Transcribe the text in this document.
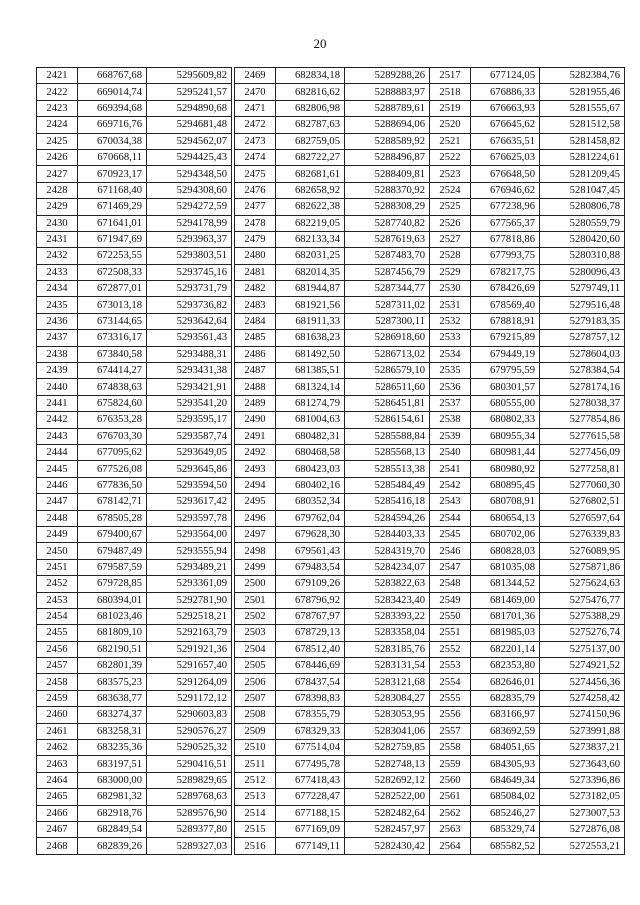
20
2421	668767,68	5295609,82
2422	669014,74	5295241,57
2423	669394,68	5294890,68
2424	669716,76	5294681,48
2425	670034,38	5294562,07
2426	670668,11	5294425,43
2427	670923,17	5294348,50
2428	671168,40	5294308,60
2429	671469,29	5294272,59
2430	671641,01	5294178,99
2431	671947,69	5293963,37
2432	672253,55	5293803,51
2433	672508,33	5293745,16
2434	672877,01	5293731,79
2435	673013,18	5293736,82
2436	673144,65	5293642,64
2437	673316,17	5293561,43
2438	673840,58	5293488,31
2439	674414,27	5293431,38
2440	674838,63	5293421,91
2441	675824,60	5293541,20
2442	676353,28	5293595,17
2443	676703,30	5293587,74
2444	677095,62	5293649,05
2445	677526,08	5293645,86
2446	677836,50	5293594,50
2447	678142,71	5293617,42
2448	678505,28	5293597,78
2449	679400,67	5293564,00
2450	679487,49	5293555,94
2451	679587,59	5293489,21
2452	679728,85	5293361,09
2453	680394,01	5292781,90
2454	681023,46	5292518,21
2455	681809,10	5292163,79
2456	682190,51	5291921,36
2457	682801,39	5291657,40
2458	683575,23	5291264,09
2459	683638,77	5291172,12
2460	683274,37	5290603,83
2461	683258,31	5290576,27
2462	683235,36	5290525,32
2463	683197,51	5290416,51
2464	683000,00	5289829,65
2465	682981,32	5289768,63
2466	682918,76	5289576,90
2467	682849,54	5289377,80
2468	682839,26	5289327,03
2469	682834,18	5289288,26
2470	682816,62	5288883,97
2471	682806,98	5288789,61
2472	682787,63	5288694,06
2473	682759,05	5288589,92
2474	682722,27	5288496,87
2475	682681,61	5288409,81
2476	682658,92	5288370,92
2477	682622,38	5288308,29
2478	682219,05	5287740,82
2479	682133,34	5287619,63
2480	682031,25	5287483,70
2481	682014,35	5287456,79
2482	681944,87	5287344,77
2483	681921,56	5287311,02
2484	681911,33	5287300,11
2485	681638,23	5286918,60
2486	681492,50	5286713,02
2487	681385,51	5286579,10
2488	681324,14	5286511,60
2489	681274,79	5286451,81
2490	681004,63	5286154,61
2491	680482,31	5285588,84
2492	680468,58	5285568,13
2493	680423,03	5285513,38
2494	680402,16	5285484,49
2495	680352,34	5285416,18
2496	679762,04	5284594,26
2497	679628,30	5284403,33
2498	679561,43	5284319,70
2499	679483,54	5284234,07
2500	679109,26	5283822,63
2501	678796,92	5283423,40
2502	678767,97	5283393,22
2503	678729,13	5283358,04
2504	678512,40	5283185,76
2505	678446,69	5283131,54
2506	678437,54	5283121,68
2507	678398,83	5283084,27
2508	678355,79	5283053,95
2509	678329,33	5283041,06
2510	677514,04	5282759,85
2511	677495,78	5282748,13
2512	677418,43	5282692,12
2513	677228,47	5282522,00
2514	677188,15	5282482,64
2515	677169,09	5282457,97
2516	677149,11	5282430,42
2517	677124,05	5282384,76
2518	676886,33	5281955,46
2519	676663,93	5281555,67
2520	676645,62	5281512,58
2521	676635,51	5281458,82
2522	676625,03	5281224,61
2523	676648,50	5281209,45
2524	676946,62	5281047,45
2525	677238,96	5280806,78
2526	677565,37	5280559,79
2527	677818,86	5280420,60
2528	677993,75	5280310,88
2529	678217,75	5280096,43
2530	678426,69	5279749,11
2531	678569,40	5279516,48
2532	678818,91	5279183,35
2533	679215,89	5278757,12
2534	679449,19	5278604,03
2535	679795,59	5278384,54
2536	680301,57	5278174,16
2537	680555,00	5278038,37
2538	680802,33	5277854,86
2539	680955,34	5277615,58
2540	680981,44	5277456,09
2541	680980,92	5277258,81
2542	680895,45	5277060,30
2543	680708,91	5276802,51
2544	680654,13	5276597,64
2545	680702,06	5276339,83
2546	680828,03	5276089,95
2547	681035,08	5275871,86
2548	681344,52	5275624,63
2549	681469,00	5275476,77
2550	681701,36	5275388,29
2551	681985,03	5275276,74
2552	682201,14	5275137,00
2553	682353,80	5274921,52
2554	682646,01	5274456,36
2555	682835,79	5274258,42
2556	683166,97	5274150,96
2557	683692,59	5273991,88
2558	684051,65	5273837,21
2559	684305,93	5273643,60
2560	684649,34	5273396,86
2561	685084,02	5273182,05
2562	685246,27	5273007,53
2563	685329,74	5272876,08
2564	685582,52	5272553,21
